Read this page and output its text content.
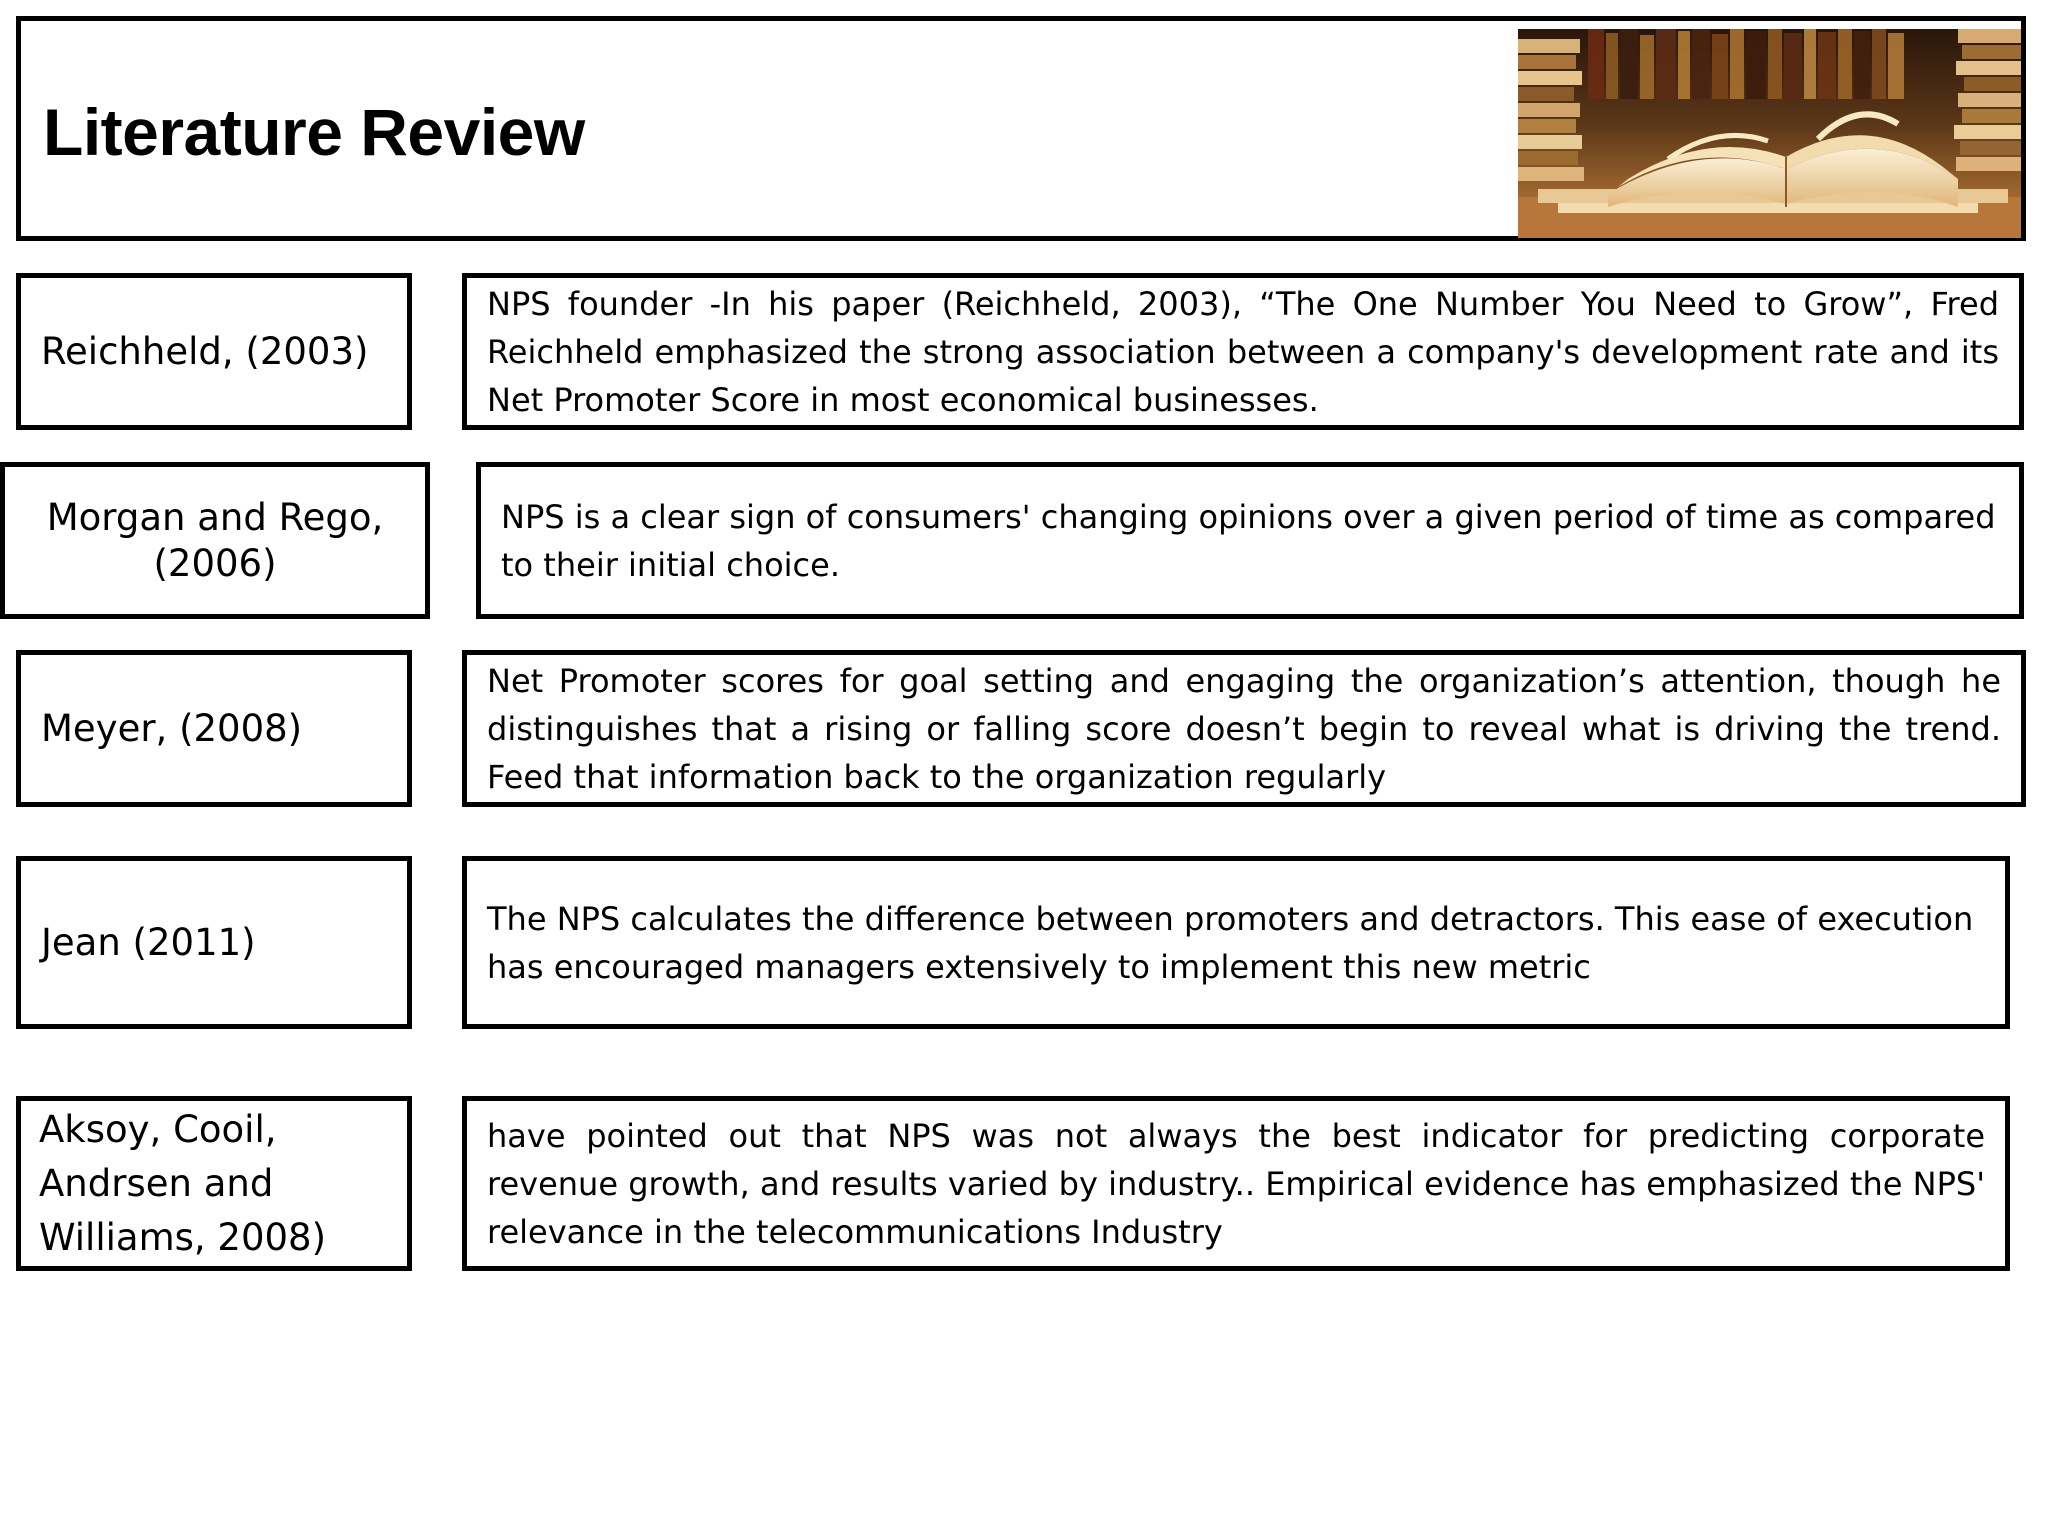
Literature Review
Reichheld, (2003)
NPS founder -In his paper (Reichheld, 2003), “The One Number You Need to Grow”, Fred Reichheld emphasized the strong association between a company's development rate and its Net Promoter Score in most economical businesses.
Morgan and Rego, (2006)
NPS is a clear sign of consumers' changing opinions over a given period of time as compared to their initial choice.
Meyer, (2008)
Net Promoter scores for goal setting and engaging the organization’s attention, though he distinguishes that a rising or falling score doesn’t begin to reveal what is driving the trend. Feed that information back to the organization regularly
Jean (2011)
The NPS calculates the difference between promoters and detractors. This ease of execution has encouraged managers extensively to implement this new metric
Aksoy, Cooil, Andrsen and Williams, 2008)
have pointed out that NPS was not always the best indicator for predicting corporate revenue growth, and results varied by industry.. Empirical evidence has emphasized the NPS' relevance in the telecommunications Industry
